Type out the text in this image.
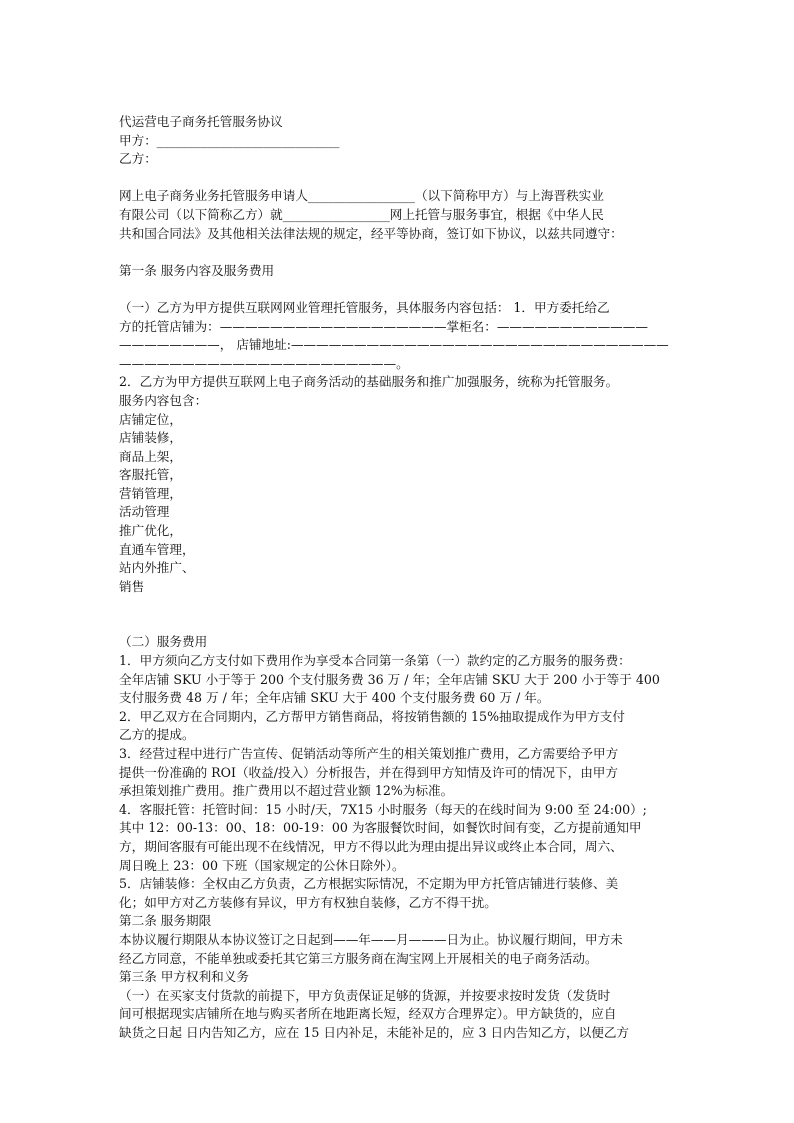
代运营电子商务托管服务协议

甲方：_____________________________

乙方：

网上电子商务业务托管服务申请人_________________（以下简称甲方）与上海晋秩实业

有限公司（以下简称乙方）就_________________网上托管与服务事宜，根据《中华人民

共和国合同法》及其他相关法律法规的规定，经平等协商，签订如下协议，以兹共同遵守：

第一条 服务内容及服务费用

（一）乙方为甲方提供互联网网业管理托管服务，具体服务内容包括： 1．甲方委托给乙

方的托管店铺为：——————————————————掌柜名：————————————

————————， 店铺地址:——————————————————————————————

——————————————————————。

2．乙方为甲方提供互联网上电子商务活动的基础服务和推广加强服务，统称为托管服务。

服务内容包含：

店铺定位，

店铺装修，

商品上架，

客服托管，

营销管理，

活动管理

推广优化，

直通车管理，

站内外推广、

销售

（二）服务费用

1．甲方须向乙方支付如下费用作为享受本合同第一条第（一）款约定的乙方服务的服务费：

全年店铺 SKU 小于等于 200 个支付服务费 36 万 / 年；全年店铺 SKU 大于 200 小于等于 400

支付服务费 48 万 / 年；全年店铺 SKU 大于 400 个支付服务费 60 万 / 年。

2．甲乙双方在合同期内，乙方帮甲方销售商品，将按销售额的 15%抽取提成作为甲方支付

乙方的提成。

3．经营过程中进行广告宣传、促销活动等所产生的相关策划推广费用，乙方需要给予甲方

提供一份准确的 ROI（收益/投入）分析报告，并在得到甲方知情及许可的情况下，由甲方

承担策划推广费用。推广费用以不超过营业额 12%为标准。

4．客服托管：托管时间：15 小时/天，7X15 小时服务（每天的在线时间为 9:00 至 24:00）;

其中 12：00-13：00、18：00-19：00 为客服餐饮时间，如餐饮时间有变，乙方提前通知甲

方，期间客服有可能出现不在线情况，甲方不得以此为理由提出异议或终止本合同，周六、

周日晚上 23：00 下班（国家规定的公休日除外）。

5．店铺装修：全权由乙方负责，乙方根据实际情况，不定期为甲方托管店铺进行装修、美

化；如甲方对乙方装修有异议，甲方有权独自装修，乙方不得干扰。

第二条 服务期限

本协议履行期限从本协议签订之日起到——年——月———日为止。协议履行期间，甲方未

经乙方同意，不能单独或委托其它第三方服务商在淘宝网上开展相关的电子商务活动。

第三条 甲方权利和义务

（一）在买家支付货款的前提下，甲方负责保证足够的货源，并按要求按时发货（发货时

间可根据现实店铺所在地与购买者所在地距离长短，经双方合理界定）。甲方缺货的，应自

缺货之日起 日内告知乙方，应在 15 日内补足，未能补足的，应 3 日内告知乙方，以便乙方
